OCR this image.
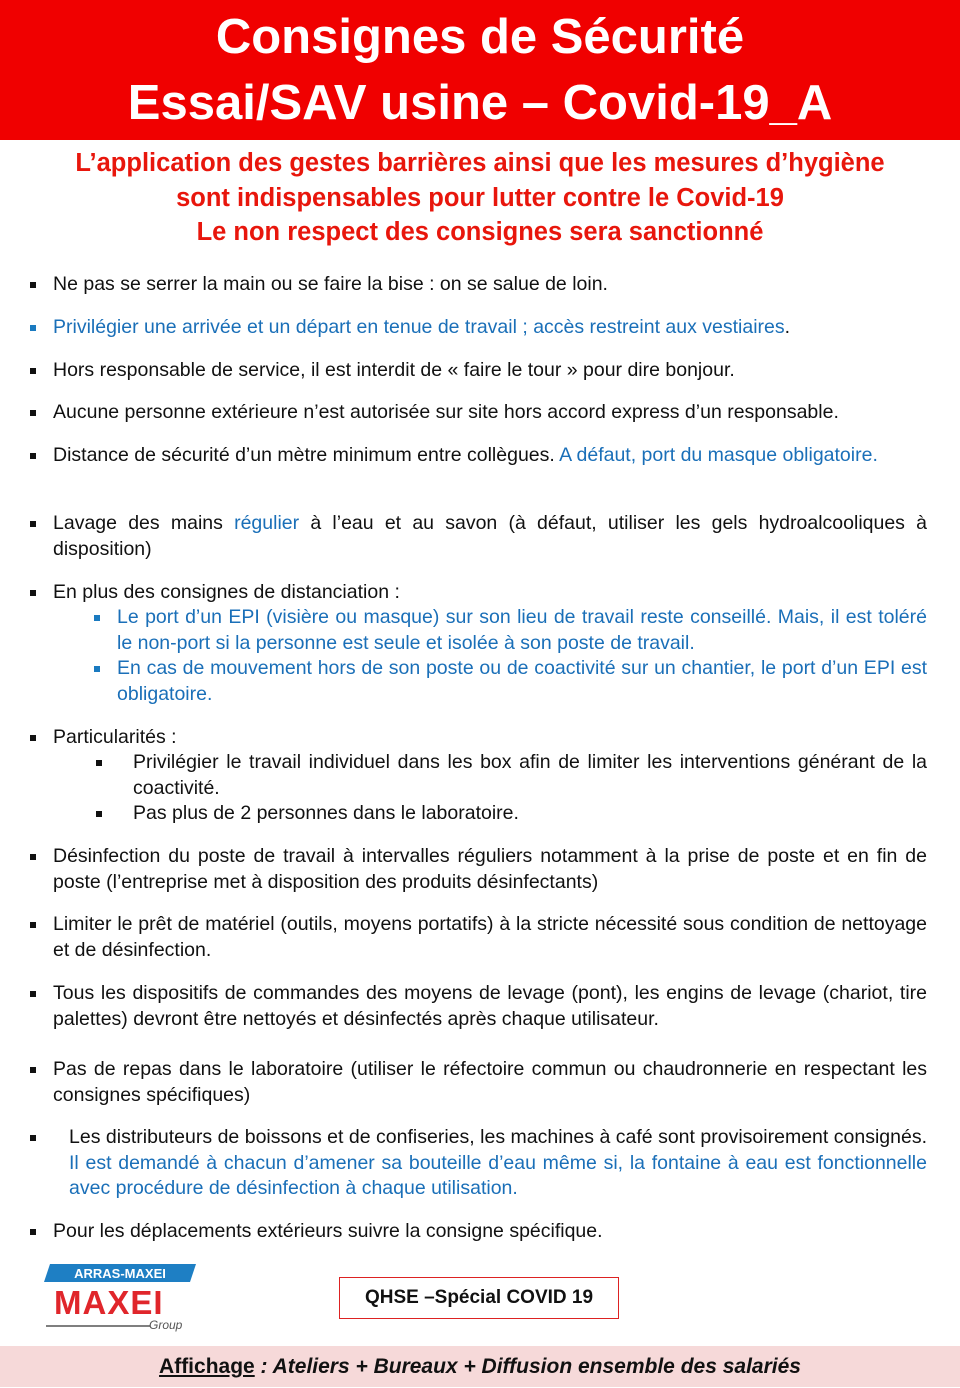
Consignes de Sécurité
Essai/SAV usine – Covid-19_A
L’application des gestes barrières ainsi que les mesures d’hygiène
sont indispensables pour lutter contre le Covid-19
Le non respect des consignes sera sanctionné
Ne pas se serrer la main ou se faire la bise : on se salue de loin.
Privilégier une arrivée et un départ en tenue de travail ; accès restreint aux vestiaires.
Hors responsable de service, il est interdit de « faire le tour » pour dire bonjour.
Aucune personne extérieure n’est autorisée sur site hors accord express d’un responsable.
Distance de sécurité d’un mètre minimum entre collègues. A défaut, port du masque obligatoire.
Lavage des mains régulier à l’eau et au savon (à défaut, utiliser les gels hydroalcooliques à disposition)
En plus des consignes de distanciation :
Le port d’un EPI (visière ou masque) sur son lieu de travail reste conseillé. Mais, il est toléré le non-port si la personne est seule et isolée à son poste de travail.
En cas de mouvement hors de son poste ou de coactivité sur un chantier, le port d’un EPI est obligatoire.
Particularités :
Privilégier le travail individuel dans les box afin de limiter les interventions générant de la coactivité.
Pas plus de 2 personnes dans le laboratoire.
Désinfection du poste de travail à intervalles réguliers notamment à la prise de poste et en fin de poste (l’entreprise met à disposition des produits désinfectants)
Limiter le prêt de matériel (outils, moyens portatifs) à la stricte nécessité sous condition de nettoyage et de désinfection.
Tous les dispositifs de commandes des moyens de levage (pont), les engins de levage (chariot, tire palettes) devront être nettoyés et désinfectés après chaque utilisateur.
Pas de repas dans le laboratoire (utiliser le réfectoire commun ou chaudronnerie en respectant les consignes spécifiques)
Les distributeurs de boissons et de confiseries, les machines à café sont provisoirement consignés. Il est demandé à chacun d’amener sa bouteille d’eau même si, la fontaine à eau est fonctionnelle avec procédure de désinfection à chaque utilisation.
Pour les déplacements extérieurs suivre la consigne spécifique.
ARRAS-MAXEI
MAXEI
Group
QHSE –Spécial COVID 19
Affichage : Ateliers + Bureaux + Diffusion ensemble des salariés
